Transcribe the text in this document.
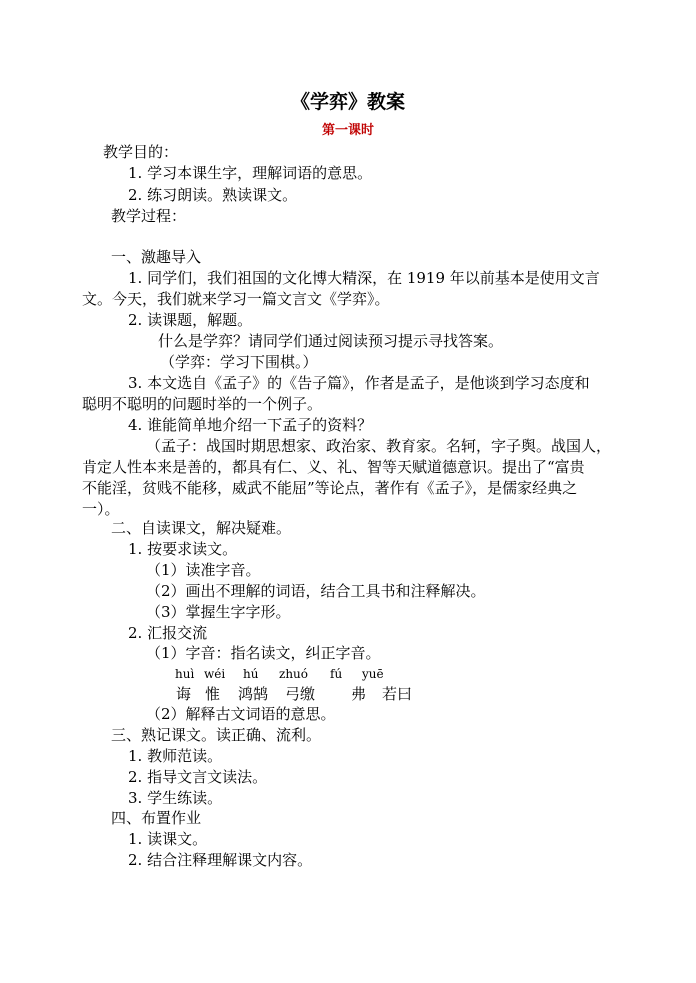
《学弈》教案
第一课时
教学目的：
1. 学习本课生字，理解词语的意思。
2. 练习朗读。熟读课文。
教学过程：
一、激趣导入
1. 同学们，我们祖国的文化博大精深，在 1919 年以前基本是使用文言
文。今天，我们就来学习一篇文言文《学弈》。
2. 读课题，解题。
什么是学弈？请同学们通过阅读预习提示寻找答案。
（学弈：学习下围棋。）
3. 本文选自《孟子》的《告子篇》，作者是孟子，是他谈到学习态度和
聪明不聪明的问题时举的一个例子。
4. 谁能简单地介绍一下孟子的资料？
（孟子：战国时期思想家、政治家、教育家。名轲，字子舆。战国人，
肯定人性本来是善的，都具有仁、义、礼、智等天赋道德意识。提出了“富贵
不能淫，贫贱不能移，威武不能屈”等论点，著作有《孟子》，是儒家经典之
一）。
二、自读课文，解决疑难。
1. 按要求读文。
（1）读准字音。
（2）画出不理解的词语，结合工具书和注释解决。
（3）掌握生字字形。
2. 汇报交流
（1）字音：指名读文，纠正字音。
huì wéi hú zhuó fú yuē
诲 惟 鸿鹄 弓缴 弗 若曰
（2）解释古文词语的意思。
三、熟记课文。读正确、流利。
1. 教师范读。
2. 指导文言文读法。
3. 学生练读。
四、布置作业
1. 读课文。
2. 结合注释理解课文内容。
